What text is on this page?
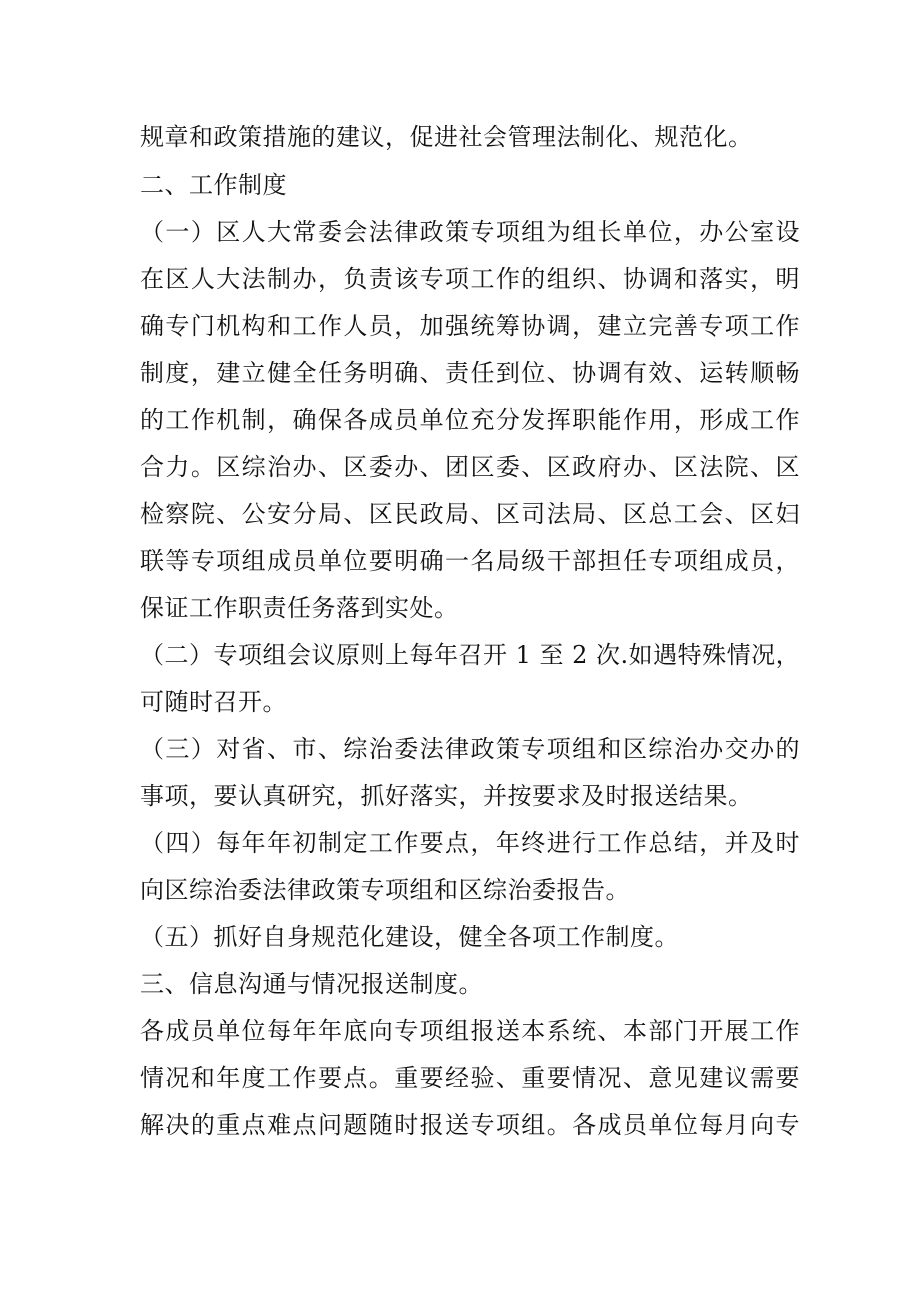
规章和政策措施的建议，促进社会管理法制化、规范化。
二、工作制度
（一）区人大常委会法律政策专项组为组长单位，办公室设
在区人大法制办，负责该专项工作的组织、协调和落实，明
确专门机构和工作人员，加强统筹协调，建立完善专项工作
制度，建立健全任务明确、责任到位、协调有效、运转顺畅
的工作机制，确保各成员单位充分发挥职能作用，形成工作
合力。区综治办、区委办、团区委、区政府办、区法院、区
检察院、公安分局、区民政局、区司法局、区总工会、区妇
联等专项组成员单位要明确一名局级干部担任专项组成员，
保证工作职责任务落到实处。
（二）专项组会议原则上每年召开 1 至 2 次.如遇特殊情况，
可随时召开。
（三）对省、市、综治委法律政策专项组和区综治办交办的
事项，要认真研究，抓好落实，并按要求及时报送结果。
（四）每年年初制定工作要点，年终进行工作总结，并及时
向区综治委法律政策专项组和区综治委报告。
（五）抓好自身规范化建设，健全各项工作制度。
三、信息沟通与情况报送制度。
各成员单位每年年底向专项组报送本系统、本部门开展工作
情况和年度工作要点。重要经验、重要情况、意见建议需要
解决的重点难点问题随时报送专项组。各成员单位每月向专
